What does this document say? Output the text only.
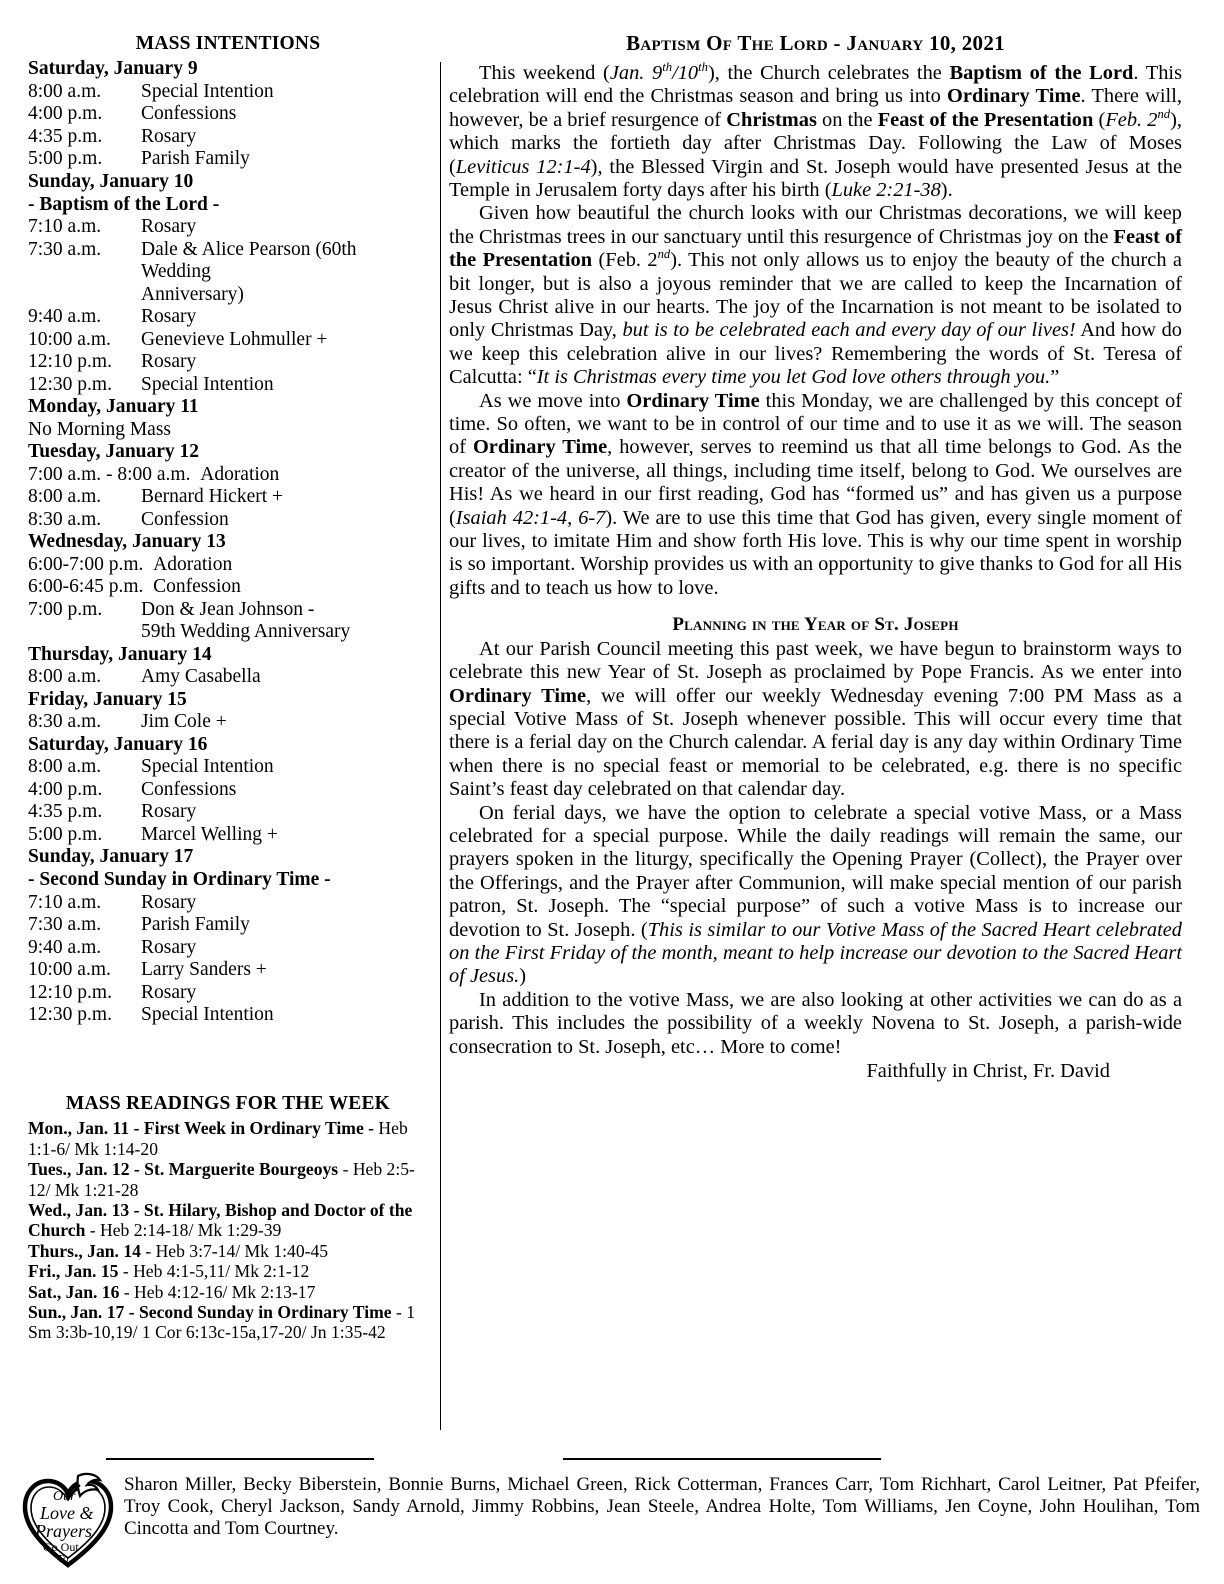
MASS INTENTIONS
Saturday, January 9
8:00 a.m.	Special Intention
4:00 p.m.	Confessions
4:35 p.m.	Rosary
5:00 p.m.	Parish Family
Sunday, January 10
- Baptism of the Lord -
7:10 a.m.	Rosary
7:30 a.m.	Dale & Alice Pearson (60th Wedding
Anniversary)
9:40 a.m.	Rosary
10:00 a.m.	Genevieve Lohmuller +
12:10 p.m.	Rosary
12:30 p.m.	Special Intention
Monday, January 11
No Morning Mass
Tuesday, January 12
7:00 a.m. - 8:00 a.m. Adoration
8:00 a.m.	Bernard Hickert +
8:30 a.m.	Confession
Wednesday, January 13
6:00-7:00 p.m. Adoration
6:00-6:45 p.m. Confession
7:00 p.m.	Don & Jean Johnson -
59th Wedding Anniversary
Thursday, January 14
8:00 a.m.	Amy Casabella
Friday, January 15
8:30 a.m.	Jim Cole +
Saturday, January 16
8:00 a.m.	Special Intention
4:00 p.m.	Confessions
4:35 p.m.	Rosary
5:00 p.m.	Marcel Welling +
Sunday, January 17
- Second Sunday in Ordinary Time -
7:10 a.m.	Rosary
7:30 a.m.	Parish Family
9:40 a.m.	Rosary
10:00 a.m.	Larry Sanders +
12:10 p.m.	Rosary
12:30 p.m.	Special Intention
MASS READINGS FOR THE WEEK
Mon., Jan. 11 - First Week in Ordinary Time - Heb 1:1-6/ Mk 1:14-20
Tues., Jan. 12 - St. Marguerite Bourgeoys - Heb 2:5-12/ Mk 1:21-28
Wed., Jan. 13 - St. Hilary, Bishop and Doctor of the Church - Heb 2:14-18/ Mk 1:29-39
Thurs., Jan. 14 - Heb 3:7-14/ Mk 1:40-45
Fri., Jan. 15 - Heb 4:1-5,11/ Mk 2:1-12
Sat., Jan. 16 - Heb 4:12-16/ Mk 2:13-17
Sun., Jan. 17 - Second Sunday in Ordinary Time - 1 Sm 3:3b-10,19/ 1 Cor 6:13c-15a,17-20/ Jn 1:35-42
Baptism Of The Lord - January 10, 2021

This weekend (Jan. 9th/10th), the Church celebrates the Baptism of the Lord. This celebration will end the Christmas season and bring us into Ordinary Time. There will, however, be a brief resurgence of Christmas on the Feast of the Presentation (Feb. 2nd), which marks the fortieth day after Christmas Day. Following the Law of Moses (Leviticus 12:1-4), the Blessed Virgin and St. Joseph would have presented Jesus at the Temple in Jerusalem forty days after his birth (Luke 2:21-38).

Given how beautiful the church looks with our Christmas decorations, we will keep the Christmas trees in our sanctuary until this resurgence of Christmas joy on the Feast of the Presentation (Feb. 2nd). This not only allows us to enjoy the beauty of the church a bit longer, but is also a joyous reminder that we are called to keep the Incarnation of Jesus Christ alive in our hearts. The joy of the Incarnation is not meant to be isolated to only Christmas Day, but is to be celebrated each and every day of our lives! And how do we keep this celebration alive in our lives? Remembering the words of St. Teresa of Calcutta: “It is Christmas every time you let God love others through you.”

As we move into Ordinary Time this Monday, we are challenged by this concept of time. So often, we want to be in control of our time and to use it as we will. The season of Ordinary Time, however, serves to reemind us that all time belongs to God. As the creator of the universe, all things, including time itself, belong to God. We ourselves are His! As we heard in our first reading, God has “formed us” and has given us a purpose (Isaiah 42:1-4, 6-7). We are to use this time that God has given, every single moment of our lives, to imitate Him and show forth His love. This is why our time spent in worship is so important. Worship provides us with an opportunity to give thanks to God for all His gifts and to teach us how to love.

Planning in the Year of St. Joseph

At our Parish Council meeting this past week, we have begun to brainstorm ways to celebrate this new Year of St. Joseph as proclaimed by Pope Francis. As we enter into Ordinary Time, we will offer our weekly Wednesday evening 7:00 PM Mass as a special Votive Mass of St. Joseph whenever possible. This will occur every time that there is a ferial day on the Church calendar. A ferial day is any day within Ordinary Time when there is no special feast or memorial to be celebrated, e.g. there is no specific Saint’s feast day celebrated on that calendar day.

On ferial days, we have the option to celebrate a special votive Mass, or a Mass celebrated for a special purpose. While the daily readings will remain the same, our prayers spoken in the liturgy, specifically the Opening Prayer (Collect), the Prayer over the Offerings, and the Prayer after Communion, will make special mention of our parish patron, St. Joseph. The “special purpose” of such a votive Mass is to increase our devotion to St. Joseph. (This is similar to our Votive Mass of the Sacred Heart celebrated on the First Friday of the month, meant to help increase our devotion to the Sacred Heart of Jesus.)

In addition to the votive Mass, we are also looking at other activities we can do as a parish. This includes the possibility of a weekly Novena to St. Joseph, a parish-wide consecration to St. Joseph, etc… More to come!

Faithfully in Christ, Fr. David
Our
Love &
Prayers
Go Out
To...
Sharon Miller, Becky Biberstein, Bonnie Burns, Michael Green, Rick Cotterman, Frances Carr, Tom Richhart, Carol Leitner, Pat Pfeifer, Troy Cook, Cheryl Jackson, Sandy Arnold, Jimmy Robbins, Jean Steele, Andrea Holte, Tom Williams, Jen Coyne, John Houlihan, Tom Cincotta and Tom Courtney.
